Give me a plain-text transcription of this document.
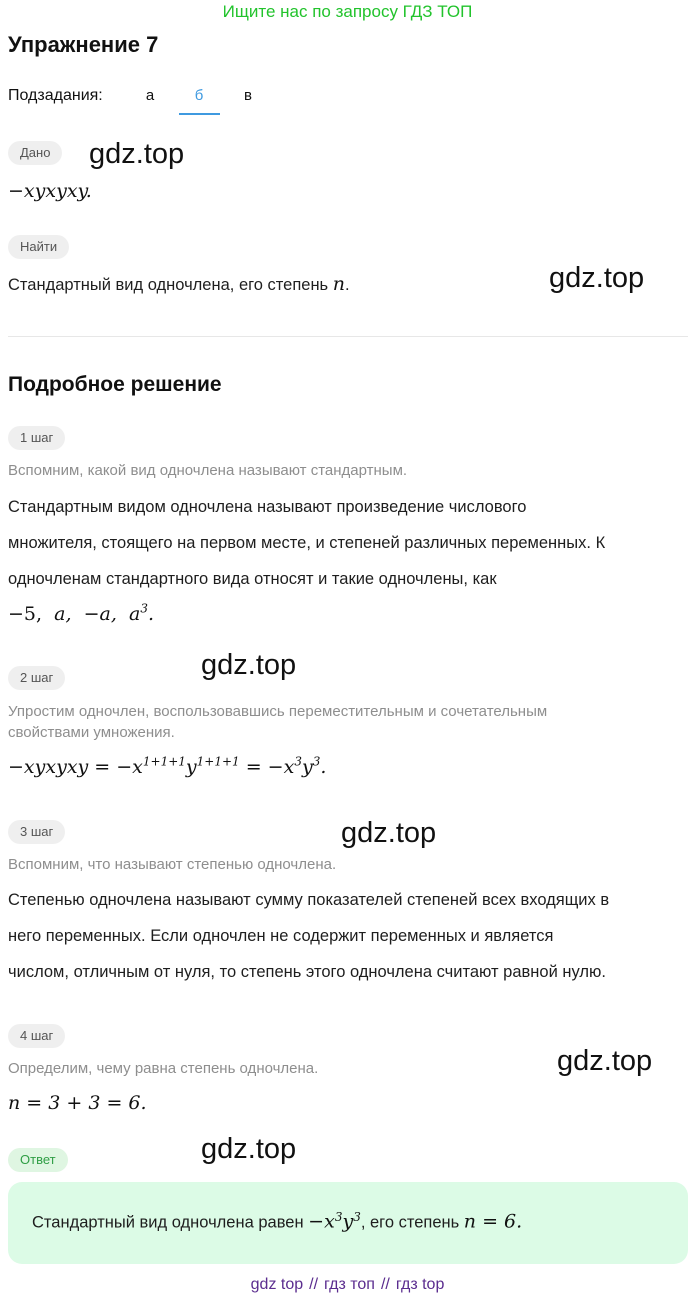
Ищите нас по запросу ГДЗ ТОП
Упражнение 7
Подзадания:	а	б	в
Дано
−xyxyxy.
Найти
Стандартный вид одночлена, его степень n.
Подробное решение
1 шаг
Вспомним, какой вид одночлена называют стандартным.
Стандартным видом одночлена называют произведение числового
множителя, стоящего на первом месте, и степеней различных переменных. К
одночленам стандартного вида относят и такие одночлены, как
−5, a, −a, $a^3$.
2 шаг
Упростим одночлен, воспользовавшись переместительным и сочетательным
свойствами умножения.
−xyxyxy = $-x^{1+1+1}y^{1+1+1} = -x^3y^3$.
3 шаг
Вспомним, что называют степенью одночлена.
Степенью одночлена называют сумму показателей степеней всех входящих в
него переменных. Если одночлен не содержит переменных и является
числом, отличным от нуля, то степень этого одночлена считают равной нулю.
4 шаг
Определим, чему равна степень одночлена.
n = 3 + 3 = 6.
Ответ
Стандартный вид одночлена равен $-x^3y^3$, его степень n = 6.
gdz.top
gdz.top
gdz.top
gdz.top
gdz.top
gdz.top
gdz top // гдз топ // гдз top
